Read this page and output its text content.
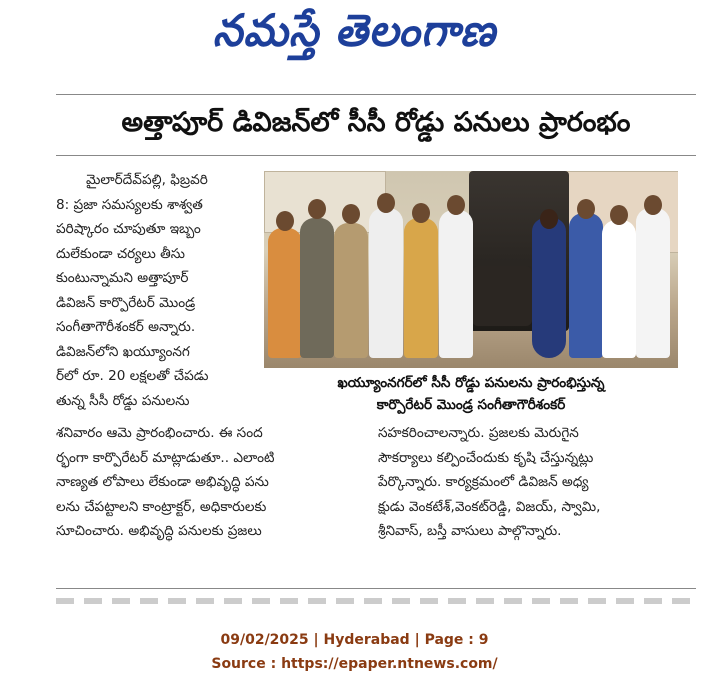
నమస్తే తెలంగాణ
అత్తాపూర్ డివిజన్‌లో సీసీ రోడ్డు పనులు ప్రారంభం

మైలార్‌దేవ్‌పల్లి, ఫిబ్రవరి

8: ప్రజా సమస్యలకు శాశ్వత

పరిష్కారం చూపుతూ ఇబ్బం

దులేకుండా చర్యలు తీసు

కుంటున్నామని అత్తాపూర్

డివిజన్ కార్పొరేటర్ మొండ్ర

సంగీతాగౌరీశంకర్ అన్నారు.

డివిజన్‌లోని ఖయ్యూంనగ

ర్‌లో రూ. 20 లక్షలతో చేపడు

తున్న సీసీ రోడ్డు పనులను

ఖయ్యూంనగర్‌లో సీసీ రోడ్డు పనులను ప్రారంభిస్తున్న
కార్పొరేటర్ మొండ్ర సంగీతాగౌరీశంకర్

శనివారం ఆమె ప్రారంభించారు. ఈ సంద

ర్భంగా కార్పొరేటర్ మాట్లాడుతూ.. ఎలాంటి

నాణ్యత లోపాలు లేకుండా అభివృద్ధి పను

లను చేపట్టాలని కాంట్రాక్టర్, అధికారులకు

సూచించారు. అభివృద్ధి పనులకు ప్రజలు

సహకరించాలన్నారు. ప్రజలకు మెరుగైన

సౌకర్యాలు కల్పించేందుకు కృషి చేస్తున్నట్లు

పేర్కొన్నారు. కార్యక్రమంలో డివిజన్ అధ్య

క్షుడు వెంకటేశ్,వెంకట్‌రెడ్డి, విజయ్, స్వామి,

శ్రీనివాస్, బస్తీ వాసులు పాల్గొన్నారు.

09/02/2025 | Hyderabad | Page : 9
Source : https://epaper.ntnews.com/
